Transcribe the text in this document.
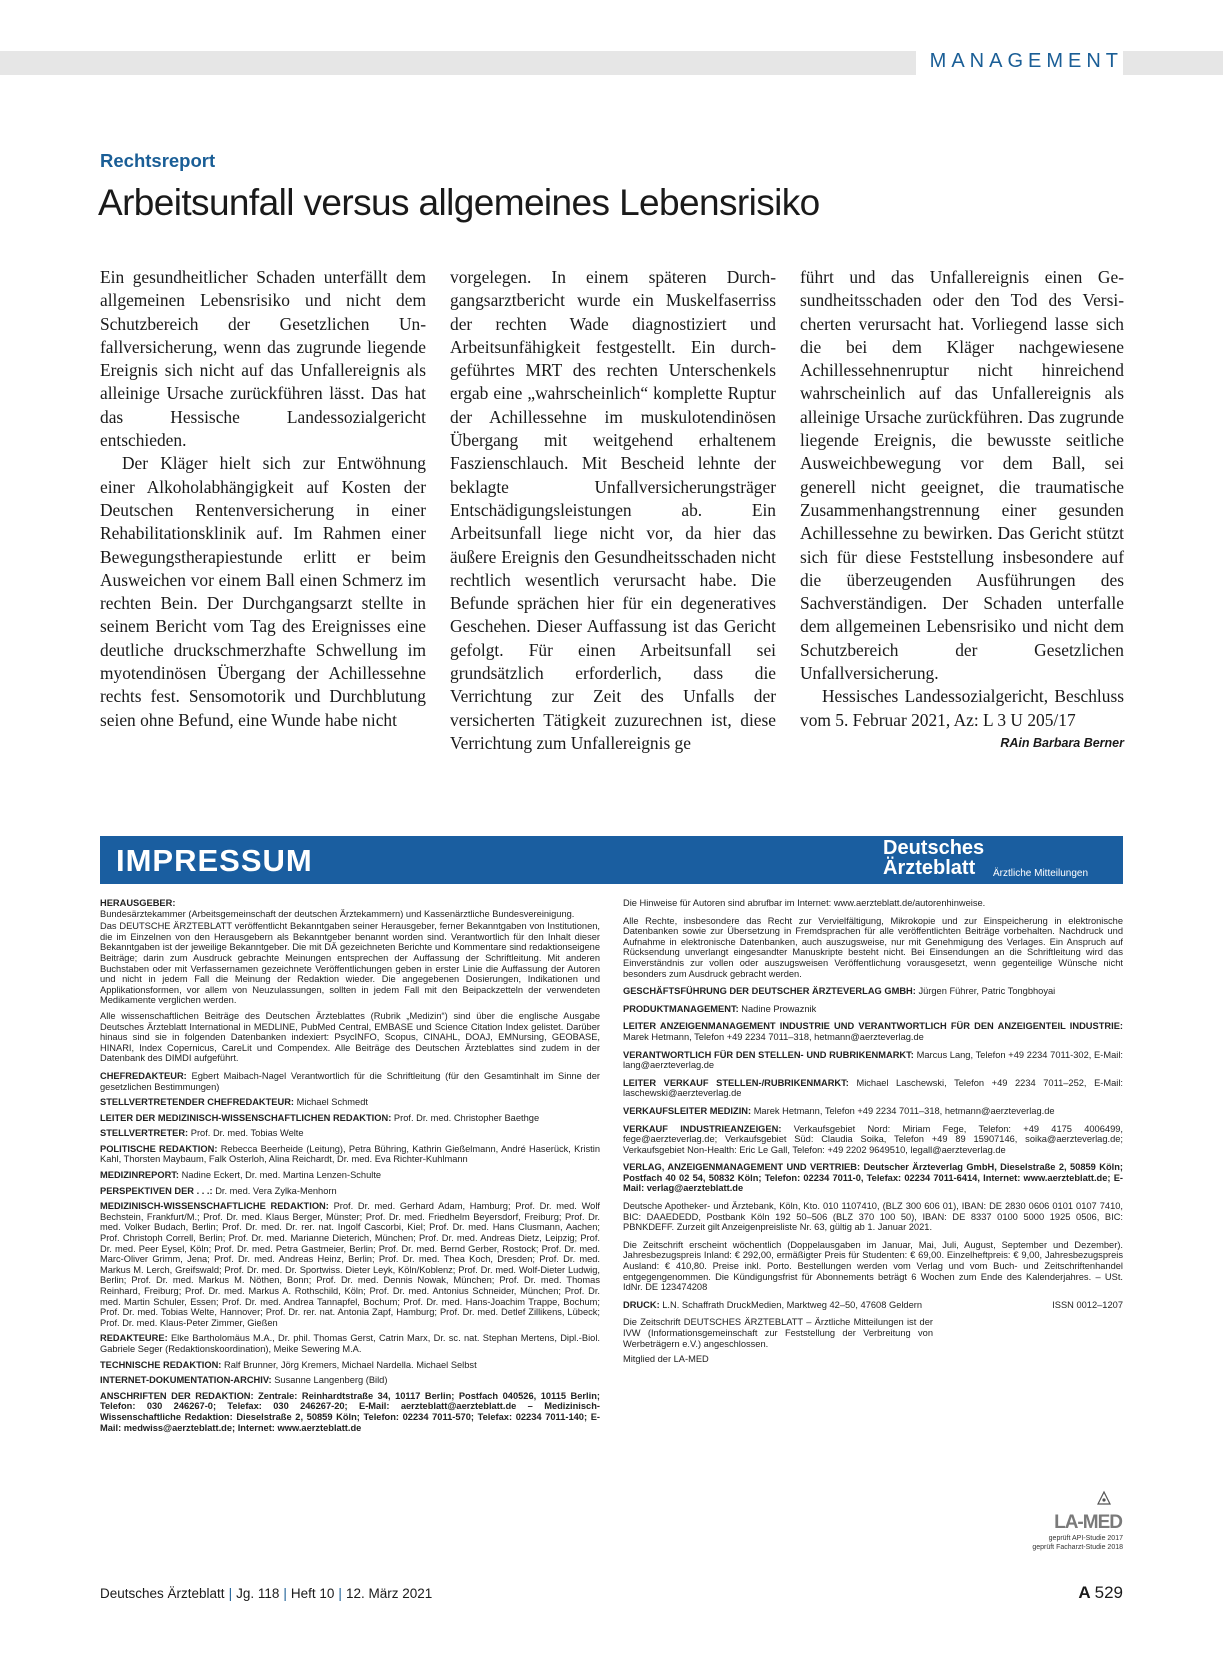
MANAGEMENT
Rechtsreport
Arbeitsunfall versus allgemeines Lebensrisiko

Ein gesundheitlicher Schaden unterfällt dem allgemeinen Lebensrisiko und nicht dem Schutzbereich der Gesetzlichen Unfallversicherung, wenn das zugrunde liegende Ereignis sich nicht auf das Unfallereignis als alleinige Ursache zurückführen lässt. Das hat das Hessische Landessozialgericht entschieden.

Der Kläger hielt sich zur Entwöhnung einer Alkoholabhängigkeit auf Kosten der Deutschen Rentenversicherung in einer Rehabilitationsklinik auf. Im Rahmen einer Bewegungstherapiestunde erlitt er beim Ausweichen vor einem Ball einen Schmerz im rechten Bein. Der Durchgangsarzt stellte in seinem Bericht vom Tag des Ereignisses eine deutliche druckschmerzhafte Schwellung im myotendinösen Übergang der Achillessehne rechts fest. Sensomotorik und Durchblutung seien ohne Befund, eine Wunde habe nicht

vorgelegen. In einem späteren Durchgangsarztbericht wurde ein Muskelfaserriss der rechten Wade diagnostiziert und Arbeitsunfähigkeit festgestellt. Ein durchgeführtes MRT des rechten Unterschenkels ergab eine „wahrscheinlich“ komplette Ruptur der Achillessehne im muskulotendinösen Übergang mit weitgehend erhaltenem Faszienschlauch. Mit Bescheid lehnte der beklagte Unfallversicherungsträger Entschädigungsleistungen ab. Ein Arbeitsunfall liege nicht vor, da hier das äußere Ereignis den Gesundheitsschaden nicht rechtlich wesentlich verursacht habe. Die Befunde sprächen hier für ein degeneratives Geschehen. Dieser Auffassung ist das Gericht gefolgt. Für einen Arbeitsunfall sei grundsätzlich erforderlich, dass die Verrichtung zur Zeit des Unfalls der versicherten Tätigkeit zuzurechnen ist, diese Verrichtung zum Unfallereignis ge

führt und das Unfallereignis einen Gesundheitsschaden oder den Tod des Versicherten verursacht hat. Vorliegend lasse sich die bei dem Kläger nachgewiesene Achillessehnenruptur nicht hinreichend wahrscheinlich auf das Unfallereignis als alleinige Ursache zurückführen. Das zugrunde liegende Ereignis, die bewusste seitliche Ausweichbewegung vor dem Ball, sei generell nicht geeignet, die traumatische Zusammenhangstrennung einer gesunden Achillessehne zu bewirken. Das Gericht stützt sich für diese Feststellung insbesondere auf die überzeugenden Ausführungen des Sachverständigen. Der Schaden unterfalle dem allgemeinen Lebensrisiko und nicht dem Schutzbereich der Gesetzlichen Unfallversicherung.

Hessisches Landessozialgericht, Beschluss vom 5. Februar 2021, Az: L 3 U 205/17
RAin Barbara Berner

IMPRESSUM	Deutsches
Ärzteblatt Ärztliche Mitteilungen

HERAUSGEBER:
Bundesärztekammer (Arbeitsgemeinschaft der deutschen Ärztekammern) und Kassenärztliche Bundesvereinigung.

Das DEUTSCHE ÄRZTEBLATT veröffentlicht Bekanntgaben seiner Herausgeber, ferner Bekanntgaben von Institutionen, die im Einzelnen von den Herausgebern als Bekanntgeber benannt worden sind. Verantwortlich für den Inhalt dieser Bekanntgaben ist der jeweilige Bekanntgeber. Die mit DÄ gezeichneten Berichte und Kommentare sind redaktionseigene Beiträge; darin zum Ausdruck gebrachte Meinungen entsprechen der Auffassung der Schriftleitung. Mit anderen Buchstaben oder mit Verfassernamen gezeichnete Veröffentlichungen geben in erster Linie die Auffassung der Autoren und nicht in jedem Fall die Meinung der Redaktion wieder. Die angegebenen Dosierungen, Indikationen und Applikationsformen, vor allem von Neuzulassungen, sollten in jedem Fall mit den Beipackzetteln der verwendeten Medikamente verglichen werden.

Alle wissenschaftlichen Beiträge des Deutschen Ärzteblattes (Rubrik „Medizin“) sind über die englische Ausgabe Deutsches Ärzteblatt International in MEDLINE, PubMed Central, EMBASE und Science Citation Index gelistet. Darüber hinaus sind sie in folgenden Datenbanken indexiert: PsycINFO, Scopus, CINAHL, DOAJ, EMNursing, GEOBASE, HINARI, Index Copernicus, CareLit und Compendex. Alle Beiträge des Deutschen Ärzteblattes sind zudem in der Datenbank des DIMDI aufgeführt.

CHEFREDAKTEUR: Egbert Maibach-Nagel Verantwortlich für die Schriftleitung (für den Gesamtinhalt im Sinne der gesetzlichen Bestimmungen)

STELLVERTRETENDER CHEFREDAKTEUR: Michael Schmedt

LEITER DER MEDIZINISCH-WISSENSCHAFTLICHEN REDAKTION: Prof. Dr. med. Christopher Baethge

STELLVERTRETER: Prof. Dr. med. Tobias Welte

POLITISCHE REDAKTION: Rebecca Beerheide (Leitung), Petra Bühring, Kathrin Gießelmann, André Haserück, Kristin Kahl, Thorsten Maybaum, Falk Osterloh, Alina Reichardt, Dr. med. Eva Richter-Kuhlmann

MEDIZINREPORT: Nadine Eckert, Dr. med. Martina Lenzen-Schulte

PERSPEKTIVEN DER . . .: Dr. med. Vera Zylka-Menhorn

MEDIZINISCH-WISSENSCHAFTLICHE REDAKTION: Prof. Dr. med. Gerhard Adam, Hamburg; Prof. Dr. med. Wolf Bechstein, Frankfurt/M.; Prof. Dr. med. Klaus Berger, Münster; Prof. Dr. med. Friedhelm Beyersdorf, Freiburg; Prof. Dr. med. Volker Budach, Berlin; Prof. Dr. med. Dr. rer. nat. Ingolf Cascorbi, Kiel; Prof. Dr. med. Hans Clusmann, Aachen; Prof. Christoph Correll, Berlin; Prof. Dr. med. Marianne Dieterich, München; Prof. Dr. med. Andreas Dietz, Leipzig; Prof. Dr. med. Peer Eysel, Köln; Prof. Dr. med. Petra Gastmeier, Berlin; Prof. Dr. med. Bernd Gerber, Rostock; Prof. Dr. med. Marc-Oliver Grimm, Jena; Prof. Dr. med. Andreas Heinz, Berlin; Prof. Dr. med. Thea Koch, Dresden; Prof. Dr. med. Markus M. Lerch, Greifswald; Prof. Dr. med. Dr. Sportwiss. Dieter Leyk, Köln/Koblenz; Prof. Dr. med. Wolf-Dieter Ludwig, Berlin; Prof. Dr. med. Markus M. Nöthen, Bonn; Prof. Dr. med. Dennis Nowak, München; Prof. Dr. med. Thomas Reinhard, Freiburg; Prof. Dr. med. Markus A. Rothschild, Köln; Prof. Dr. med. Antonius Schneider, München; Prof. Dr. med. Martin Schuler, Essen; Prof. Dr. med. Andrea Tannapfel, Bochum; Prof. Dr. med. Hans-Joachim Trappe, Bochum; Prof. Dr. med. Tobias Welte, Hannover; Prof. Dr. rer. nat. Antonia Zapf, Hamburg; Prof. Dr. med. Detlef Zillikens, Lübeck; Prof. Dr. med. Klaus-Peter Zimmer, Gießen

REDAKTEURE: Elke Bartholomäus M.A., Dr. phil. Thomas Gerst, Catrin Marx, Dr. sc. nat. Stephan Mertens, Dipl.-Biol. Gabriele Seger (Redaktionskoordination), Meike Sewering M.A.

TECHNISCHE REDAKTION: Ralf Brunner, Jörg Kremers, Michael Nardella. Michael Selbst

INTERNET-DOKUMENTATION-ARCHIV: Susanne Langenberg (Bild)

ANSCHRIFTEN DER REDAKTION: Zentrale: Reinhardtstraße 34, 10117 Berlin; Postfach 040526, 10115 Berlin; Telefon: 030 246267-0; Telefax: 030 246267-20; E-Mail: aerzteblatt@aerzteblatt.de – Medizinisch-Wissenschaftliche Redaktion: Dieselstraße 2, 50859 Köln; Telefon: 02234 7011-570; Telefax: 02234 7011-140; E-Mail: medwiss@aerzteblatt.de; Internet: www.aerzteblatt.de

Die Hinweise für Autoren sind abrufbar im Internet: www.aerzteblatt.de/autorenhinweise.

Alle Rechte, insbesondere das Recht zur Vervielfältigung, Mikrokopie und zur Einspeicherung in elektronische Datenbanken sowie zur Übersetzung in Fremdsprachen für alle veröffentlichten Beiträge vorbehalten. Nachdruck und Aufnahme in elektronische Datenbanken, auch auszugsweise, nur mit Genehmigung des Verlages. Ein Anspruch auf Rücksendung unverlangt eingesandter Manuskripte besteht nicht. Bei Einsendungen an die Schriftleitung wird das Einverständnis zur vollen oder auszugsweisen Veröffentlichung vorausgesetzt, wenn gegenteilige Wünsche nicht besonders zum Ausdruck gebracht werden.

GESCHÄFTSFÜHRUNG DER DEUTSCHER ÄRZTEVERLAG GMBH: Jürgen Führer, Patric Tongbhoyai

PRODUKTMANAGEMENT: Nadine Prowaznik

LEITER ANZEIGENMANAGEMENT INDUSTRIE UND VERANTWORTLICH FÜR DEN ANZEIGENTEIL INDUSTRIE: Marek Hetmann, Telefon +49 2234 7011–318, hetmann@aerzteverlag.de

VERANTWORTLICH FÜR DEN STELLEN- UND RUBRIKENMARKT: Marcus Lang, Telefon +49 2234 7011-302, E-Mail: lang@aerzteverlag.de

LEITER VERKAUF STELLEN-/RUBRIKENMARKT: Michael Laschewski, Telefon +49 2234 7011–252, E-Mail: laschewski@aerzteverlag.de

VERKAUFSLEITER MEDIZIN: Marek Hetmann, Telefon +49 2234 7011–318, hetmann@aerzteverlag.de

VERKAUF INDUSTRIEANZEIGEN: Verkaufsgebiet Nord: Miriam Fege, Telefon: +49 4175 4006499, fege@aerzteverlag.de; Verkaufsgebiet Süd: Claudia Soika, Telefon +49 89 15907146, soika@aerzteverlag.de; Verkaufsgebiet Non-Health: Eric Le Gall, Telefon: +49 2202 9649510, legall@aerzteverlag.de

VERLAG, ANZEIGENMANAGEMENT UND VERTRIEB: Deutscher Ärzteverlag GmbH, Dieselstraße 2, 50859 Köln; Postfach 40 02 54, 50832 Köln; Telefon: 02234 7011-0, Telefax: 02234 7011-6414, Internet: www.aerzteblatt.de; E-Mail: verlag@aerzteblatt.de

Deutsche Apotheker- und Ärztebank, Köln, Kto. 010 1107410, (BLZ 300 606 01), IBAN: DE 2830 0606 0101 0107 7410, BIC: DAAEDEDD, Postbank Köln 192 50–506 (BLZ 370 100 50), IBAN: DE 8337 0100 5000 1925 0506, BIC: PBNKDEFF. Zurzeit gilt Anzeigenpreisliste Nr. 63, gültig ab 1. Januar 2021.

Die Zeitschrift erscheint wöchentlich (Doppelausgaben im Januar, Mai, Juli, August, September und Dezember). Jahresbezugspreis Inland: € 292,00, ermäßigter Preis für Studenten: € 69,00. Einzelheftpreis: € 9,00, Jahresbezugspreis Ausland: € 410,80. Preise inkl. Porto. Bestellungen werden vom Verlag und vom Buch- und Zeitschriftenhandel entgegengenommen. Die Kündigungsfrist für Abonnements beträgt 6 Wochen zum Ende des Kalenderjahres. – USt. IdNr. DE 123474208

ISSN 0012–1207
DRUCK: L.N. Schaffrath DruckMedien, Marktweg 42–50, 47608 Geldern

Die Zeitschrift DEUTSCHES ÄRZTEBLATT – Ärztliche Mitteilungen ist der IVW (Informationsgemeinschaft zur Feststellung der Verbreitung von Werbeträgern e.V.) angeschlossen.

Mitglied der LA-MED

LA-MED
geprüft API-Studie 2017
geprüft Facharzt-Studie 2018
Deutsches Ärzteblatt | Jg. 118 | Heft 10 | 12. März 2021	A 529
